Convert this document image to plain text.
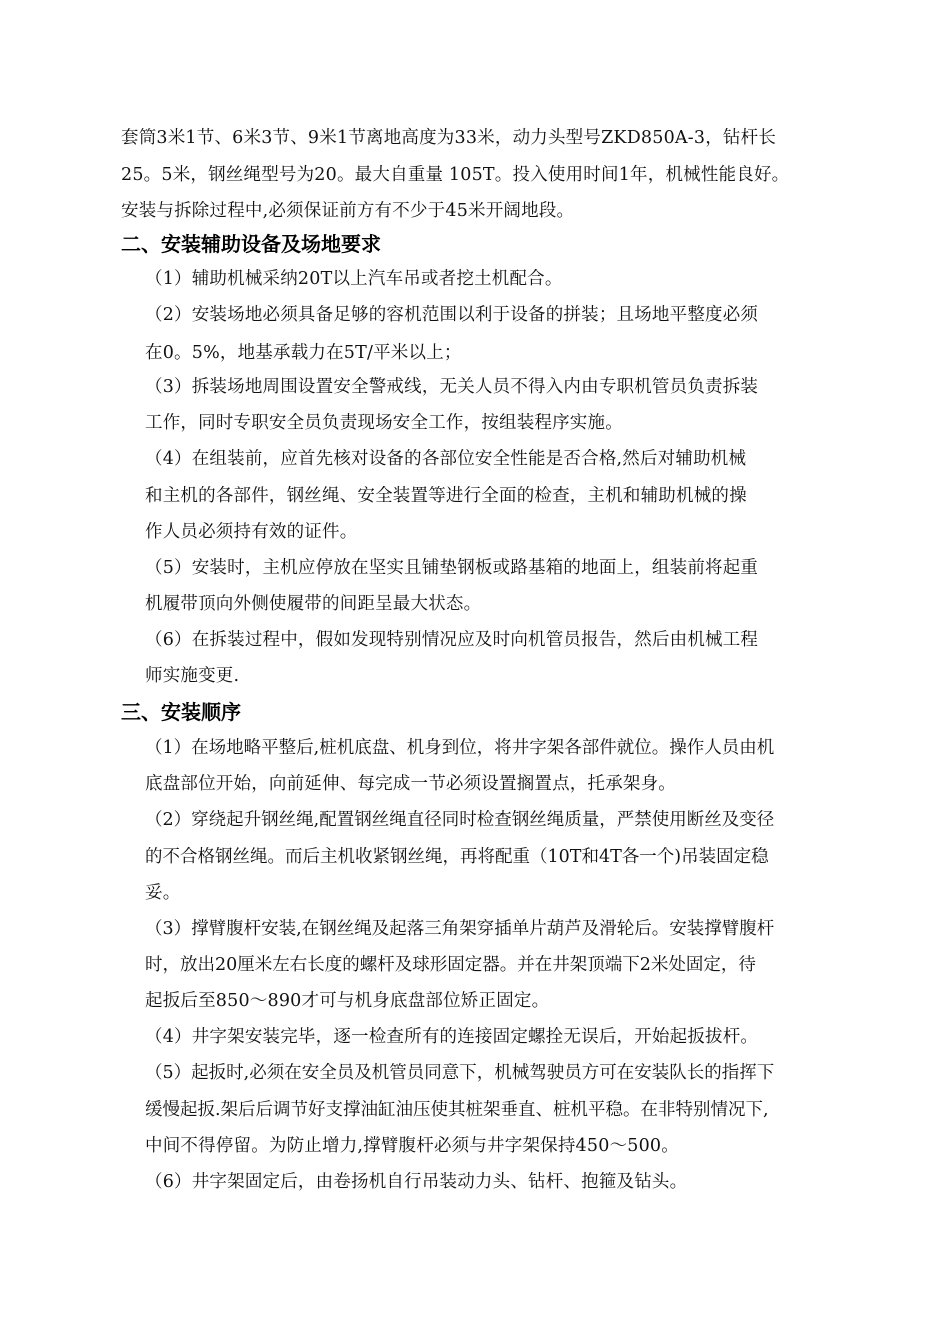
套筒3米1节、6米3节、9米1节离地高度为33米，动力头型号ZKD850A-3，钻杆长
25。5米，钢丝绳型号为20。最大自重量 105T。投入使用时间1年，机械性能良好。
安装与拆除过程中,必须保证前方有不少于45米开阔地段。
二、安装辅助设备及场地要求
（1）辅助机械采纳20T以上汽车吊或者挖土机配合。
（2）安装场地必须具备足够的容机范围以利于设备的拼装；且场地平整度必须
在0。5%，地基承载力在5T/平米以上；
（3）拆装场地周围设置安全警戒线，无关人员不得入内由专职机管员负责拆装
工作，同时专职安全员负责现场安全工作，按组装程序实施。
（4）在组装前，应首先核对设备的各部位安全性能是否合格,然后对辅助机械
和主机的各部件，钢丝绳、安全装置等进行全面的检查，主机和辅助机械的操
作人员必须持有效的证件。
（5）安装时，主机应停放在坚实且铺垫钢板或路基箱的地面上，组装前将起重
机履带顶向外侧使履带的间距呈最大状态。
（6）在拆装过程中，假如发现特别情况应及时向机管员报告，然后由机械工程
师实施变更.
三、安装顺序
（1）在场地略平整后,桩机底盘、机身到位，将井字架各部件就位。操作人员由机
底盘部位开始，向前延伸、每完成一节必须设置搁置点，托承架身。
（2）穿绕起升钢丝绳,配置钢丝绳直径同时检查钢丝绳质量，严禁使用断丝及变径
的不合格钢丝绳。而后主机收紧钢丝绳，再将配重（10T和4T各一个)吊装固定稳
妥。
（3）撑臂腹杆安装,在钢丝绳及起落三角架穿插单片葫芦及滑轮后。安装撑臂腹杆
时，放出20厘米左右长度的螺杆及球形固定器。并在井架顶端下2米处固定，待
起扳后至850～890才可与机身底盘部位矫正固定。
（4）井字架安装完毕，逐一检查所有的连接固定螺拴无误后，开始起扳拔杆。
（5）起扳时,必须在安全员及机管员同意下，机械驾驶员方可在安装队长的指挥下
缓慢起扳.架后后调节好支撑油缸油压使其桩架垂直、桩机平稳。在非特别情况下,
中间不得停留。为防止增力,撑臂腹杆必须与井字架保持450～500。
（6）井字架固定后，由卷扬机自行吊装动力头、钻杆、抱箍及钻头。
